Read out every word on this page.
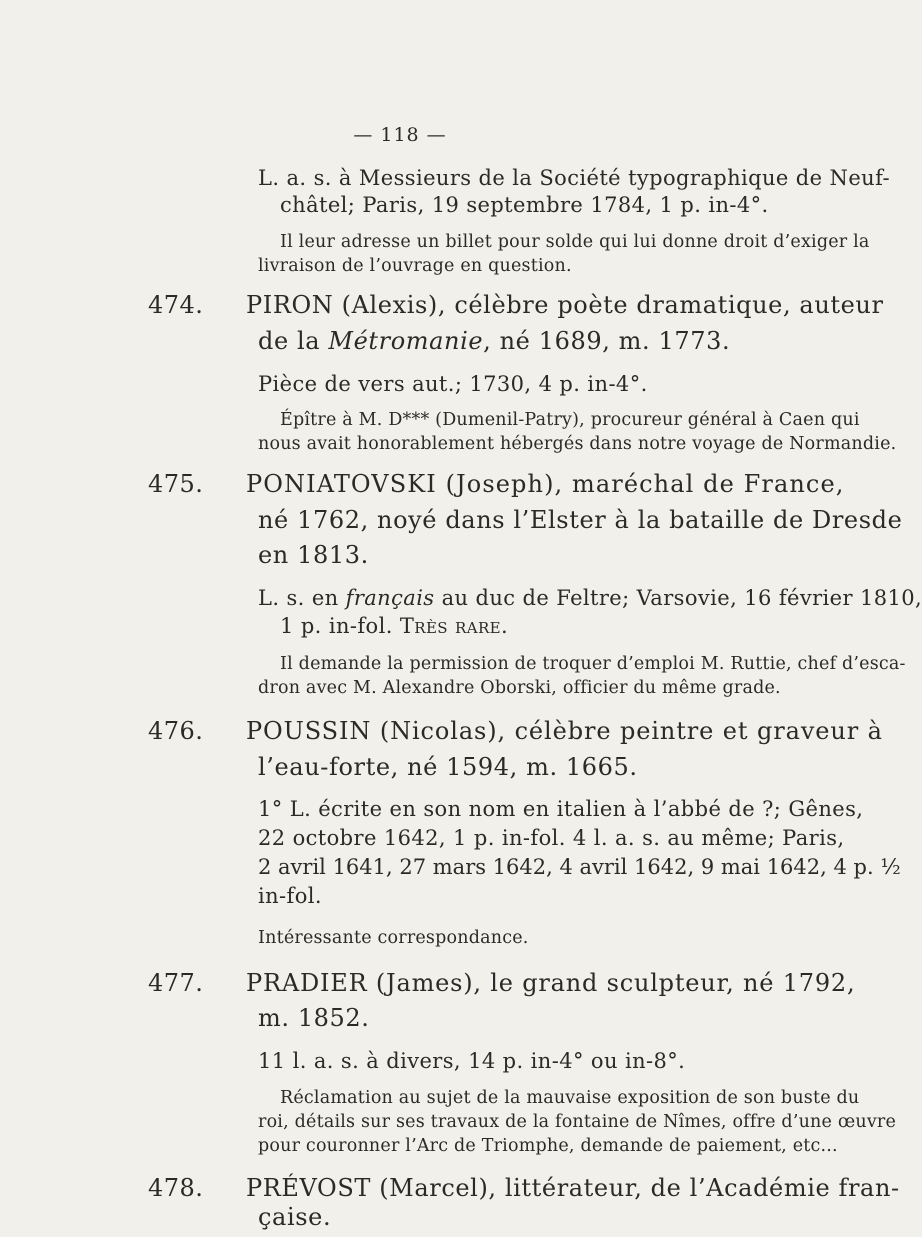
— 118 —
L. a. s. à Messieurs de la Société typographique de Neuf-
châtel; Paris, 19 septembre 1784, 1 p. in-4°.
Il leur adresse un billet pour solde qui lui donne droit d’exiger la
livraison de l’ouvrage en question.
474. PIRON (Alexis), célèbre poète dramatique, auteur
de la Métromanie, né 1689, m. 1773.
Pièce de vers aut.; 1730, 4 p. in-4°.
Épître à M. D*** (Dumenil-Patry), procureur général à Caen qui
nous avait honorablement hébergés dans notre voyage de Normandie.
475. PONIATOVSKI (Joseph), maréchal de France,
né 1762, noyé dans l’Elster à la bataille de Dresde
en 1813.
L. s. en français au duc de Feltre; Varsovie, 16 février 1810,
1 p. in-fol. Très rare.
Il demande la permission de troquer d’emploi M. Ruttie, chef d’esca-
dron avec M. Alexandre Oborski, officier du même grade.
476. POUSSIN (Nicolas), célèbre peintre et graveur à
l’eau-forte, né 1594, m. 1665.
1° L. écrite en son nom en italien à l’abbé de ?; Gênes,
22 octobre 1642, 1 p. in-fol. 4 l. a. s. au même; Paris,
2 avril 1641, 27 mars 1642, 4 avril 1642, 9 mai 1642, 4 p. ½
in-fol.
Intéressante correspondance.
477. PRADIER (James), le grand sculpteur, né 1792,
m. 1852.
11 l. a. s. à divers, 14 p. in-4° ou in-8°.
Réclamation au sujet de la mauvaise exposition de son buste du
roi, détails sur ses travaux de la fontaine de Nîmes, offre d’une œuvre
pour couronner l’Arc de Triomphe, demande de paiement, etc...
478. PRÉVOST (Marcel), littérateur, de l’Académie fran-
çaise.
